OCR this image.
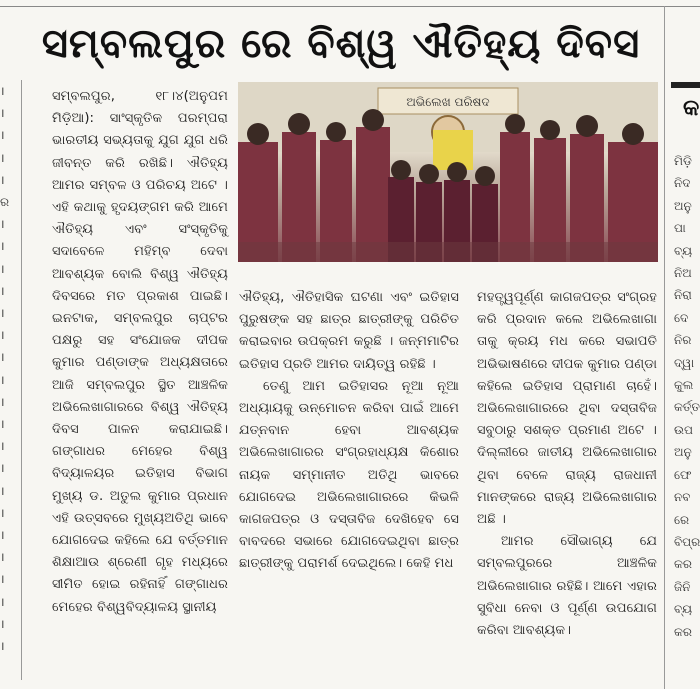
।
।
।
।
।
ର
।
।
।
।
।
।
।
।
।
।
।
।
।
।
।
।
।
।
।
।
ସମ୍ବଲପୁର ରେ ବିଶ୍ୱ ଐତିହ୍ୟ ଦିବସ
ଅଭିଲେଖ ପରିଷଦ

ସମ୍ବଲପୁର, ୧୮।୪(ଅନୁପମ ମିଡ଼ିଆ): ସାଂସ୍କୃତିକ ପରମ୍ପରା ଭାରତୀୟ ସଭ୍ୟତାକୁ ଯୁଗ ଯୁଗ ଧରି ଜୀବନ୍ତ କରି ରଖିଛି। ଐତିହ୍ୟ ଆମର ସମ୍ବଳ ଓ ପରିଚୟ ଅଟେ । ଏହି କଥାକୁ ହୃଦୟଙ୍ଗମ କରି ଆମେ ଐତିହ୍ୟ ଏବଂ ସଂସ୍କୃତିକୁ ସଦାବେଳେ ମହିମ୍ବ ଦେବା ଆବଶ୍ୟକ ବୋଲି ବିଶ୍ୱ ଐତିହ୍ୟ ଦିବସରେ ମତ ପ୍ରକାଶ ପାଇଛି। ଇନଟାକ, ସମ୍ବଲପୁର ଚାପ୍ଟର ପକ୍ଷରୁ ସହ ସଂଯୋଜକ ଦୀପକ କୁମାର ପଣ୍ଡାଙ୍କ ଅଧ୍ୟକ୍ଷତାରେ ଆଜି ସମ୍ବଲପୁର ସ୍ଥିତ ଆଞ୍ଚଳିକ ଅଭିଲେଖାଗାରରେ ବିଶ୍ୱ ଐତିହ୍ୟ ଦିବସ ପାଳନ କରାଯାଇଛି। ଗଙ୍ଗାଧର ମେହେର ବିଶ୍ୱ ବିଦ୍ୟାଳୟର ଇତିହାସ ବିଭାଗ ମୁଖ୍ୟ ଡ. ଅତୁଲ କୁମାର ପ୍ରଧାନ ଏହି ଉତ୍ସବରେ ମୁଖ୍ୟଅତିଥି ଭାବେ ଯୋଗଦେଇ କହିଲେ ଯେ ବର୍ତ୍ତମାନ ଶିକ୍ଷାଆଉ ଶ୍ରେଣୀ ଗୃହ ମଧ୍ୟରେ ସୀମିତ ହୋଇ ରହିନାହିଁ ଗଙ୍ଗାଧର ମେହେର ବିଶ୍ୱବିଦ୍ୟାଳୟ ସ୍ଥାନୀୟ

ଐତିହ୍ୟ, ଐତିହାସିକ ଘଟଣା ଏବଂ ଇତିହାସ ପୁରୁଷଙ୍କ ସହ ଛାତ୍ର ଛାତ୍ରୀଙ୍କୁ ପରିଚିତ କରାଇବାର ଉପକ୍ରମ କରୁଛି । ଜନ୍ମମାଟିର ଇତିହାସ ପ୍ରତି ଆମର ଦାୟିତ୍ୱ ରହିଛି ।

ତେଣୁ ଆମ ଇତିହାସର ନୂଆ ନୂଆ ଅଧ୍ୟାୟକୁ ଉନ୍ମୋଚନ କରିବା ପାଇଁ ଆମେ ଯତ୍ନବାନ ହେବା ଆବଶ୍ୟକ ଅଭିଲେଖାଗାରର ସଂଗ୍ରହାଧ୍ୟକ୍ଷ କିଶୋର ନାୟକ ସମ୍ମାନୀତ ଅତିଥି ଭାବରେ ଯୋଗଦେଇ ଅଭିଲେଖାଗାରରେ କିଭଳି କାଗଜପତ୍ର ଓ ଦସ୍ତାବିଜ ଦେଖିହେବ ସେ ବାବଦରେ ସଭାରେ ଯୋଗଦେଇଥିବା ଛାତ୍ର ଛାତ୍ରୀଙ୍କୁ ପରାମର୍ଶ ଦେଇଥିଲେ। କେହି ମଧ

ମହତ୍ତ୍ୱପୂର୍ଣ୍ଣ କାଗଜପତ୍ର ସଂଗ୍ରହ କରି ପ୍ରଦାନ କଲେ ଅଭିଲେଖାଗା ତାକୁ କ୍ରୟ ମଧ କରେ ସଭାପତି ଅଭିଭାଷଣରେ ଦୀପକ କୁମାର ପଣ୍ଡା କହିଲେ ଇତିହାସ ପ୍ରାମାଣ ଚାହେଁ। ଅଭିଲେଖାଗାରରେ ଥିବା ଦସ୍ତାବିଜ ସବୁଠାରୁ ସଶକ୍ତ ପ୍ରମାଣ ଅଟେ । ଦିଲ୍ଲୀରେ ଜାତୀୟ ଅଭିଲେଖାଗାର ଥିବା ବେଳେ ରାଜ୍ୟ ରାଜଧାନୀ ମାନଙ୍କରେ ରାଜ୍ୟ ଅଭିଲେଖାଗାର ଅଛି ।

ଆମର ସୌଭାଗ୍ୟ ଯେ ସମ୍ବଲପୁରରେ ଆଞ୍ଚଳିକ ଅଭିଲେଖାଗାର ରହିଛି। ଆମେ ଏହାର ସୁବିଧା ନେବା ଓ ପୂର୍ଣ୍ଣ ଉପଯୋଗ କରିବା ଆବଶ୍ୟକ।

କ
ମିଡ଼ି
ନିଦ
ଅନୁ
ପା
ବ୍ୟ
ନିଅ
ନିରା
ଦେ
ନିର
ଦ୍ୱା
କୁଲ
କର୍ତ୍ତ
ଉପ
ଅନୁ
ଫେ
ନବ
ରେ
ବିପ୍ର
କର
ଜିନି
ବ୍ୟ
କର
